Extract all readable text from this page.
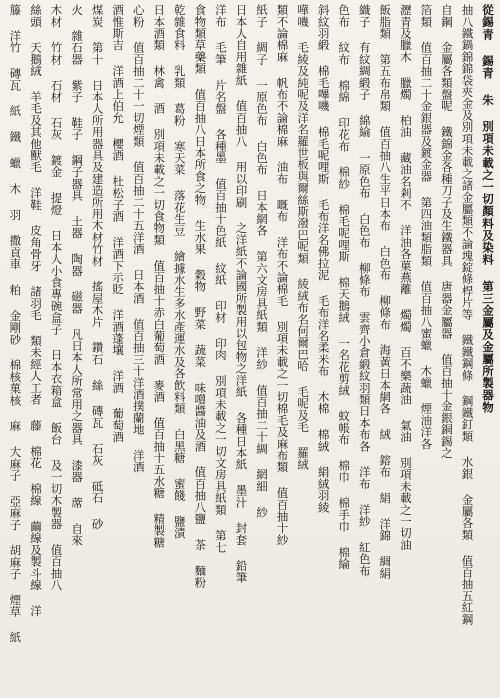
從錫青 錫青 朱 別項未載之一切顏料及染料 第三金屬及金屬所製器物
抽八鐵鍋錦錦袋夾金及別項未載之諸金屬類不論塊錠條桿片等 鐵鐵鋼條 鋼鐵釘類 水銀 金屬各類 值百抽五紅鋼
自鋼 金屬各類盤呢 鐵錦金各種刀子及生鐵器具 唐器金屬器 值百抽十金銀銅錫之
箔類 值百抽二十金銀器及鍍金器 第四油類脂類 值百抽八蜜蠟 木蠟 煙油洋各
瀝青及臘木 臘燭 柏油 藏油名剎不 洋油各菓燕離 燭燭 百不樂蔬油 氣油 別項未載之一切油
飯脂類 第五布帛類 值百抽八生平日本布 白色布 柳條布 海黃日本網各 絨 鎔布 絹 洋錦 綢絹
織子 有紋綢緞子 綿綸 一原色布 白色布 柳條布 雲齊小倉緞紋羽類日本布各 洋布 洋紗 紅色布
色布 紋布 棉綿 印花布 棉紗 棉毛呢哩斯 棉天鵝絨 一名花剪絨 蚊帳布 棉巾 棉手巾 棉綸
斜紋羽緞 棉毛嗶嘰 棉毛呢哩斯 毛布洋名佛拉泥 毛布洋名柔米布 木棉 棉絨 絹絨羽綾
嘩嘰 毛綾及純呢及洋名羅世板與爾絲斯潑巴呢類 綾絨布名何爾巴哈 毛呢及毛 羅絨
類不論棉麻 帆布不論棉麻 油布 嘅布 洋布不論棉毛 別項未載之一切棉毛及麻布類 值百抽十紗
紙子 綢子 一原色布 白色布 日本網各 第六文房具紙類 洋紗 值百抽二十綢 網細 紗
日本人自用雜紙 值百抽八 用以印刷 之洋紙不論國所製用以包物之洋紙 各種日本紙 墨汁 封套 鉛筆
洋布 毛筆 片名盤 各種墨 值百抽十色紙 紋紙 印材 印肉 別項未載之一切文房具紙類 第七
食物類草藥類 值百抽八日本所食之物 生水果 穀物 野菜 蔬菜 味噌醬油及酒 值百抽八鹽 茶 麵粉
乾雜食料 乳類 葛粉 寒天菜 落花生豆 繪據水生多水產運水及各飲料類 白黑糖 蜜餞 鹽漬
日本酒類 林禽 酒 別項未載之一切食物類 值百抽十赤白葡萄酒 麥酒 值百抽十五水糖 精製糖
心粉 值百抽二十一切煙類 值百抽二十五洋酒 日本酒 值百抽三十洋酒撲蘭地 洋酒
酒惟斯吉 洋酒上伯允 櫻酒 杜松子酒 洋酒下示貶 洋酒蓬壤 洋酒 葡萄酒
煤炭 第十 日本人所用器具及建造所用木材竹材 搖屋木片 鑽石 絲 磚瓦 石灰 砥石 砂
火 雜石器 紫子 鞋子 鋼子器具 土器 陶器 磁器 凡日本人所常用之器具 漆器 蓆 自來
木材 竹材 石材 石灰 鍍金 提燈 日本人小食專碗盒子 日本衣箱盒 飯台 及一切木製器 值百抽八
絲頭 天鵝絨 羊毛及其他獸毛 洋鞋 皮角骨牙 諸羽毛 類未經人工者 藤 棉花 棉線 繭線及製斗線 洋
籐 洋竹 磚瓦 紙 鐵 蠟 木 羽 撒貢車 粕 金剛砂 棉核菓核 麻 大麻子 亞麻子 胡麻子 煙草 紙
